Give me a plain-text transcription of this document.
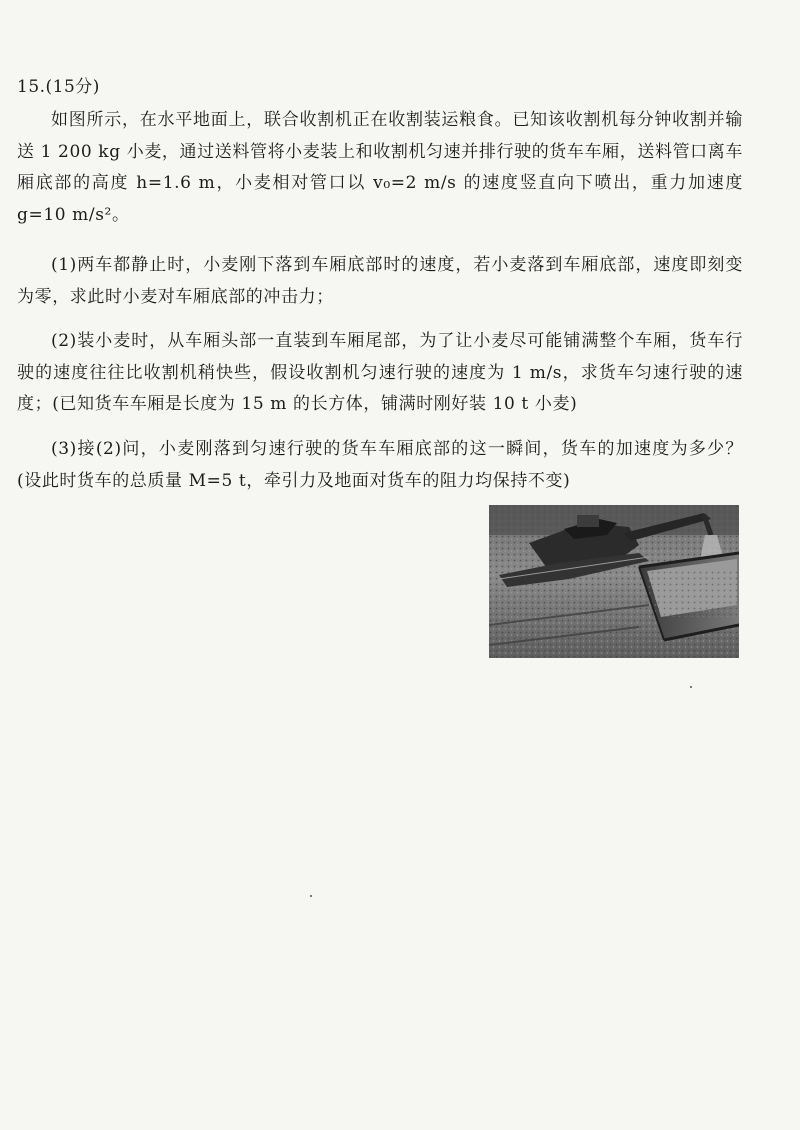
15.(15分)

如图所示，在水平地面上，联合收割机正在收割装运粮食。已知该收割机每分钟收割并输送 1 200 kg 小麦，通过送料管将小麦装上和收割机匀速并排行驶的货车车厢，送料管口离车厢底部的高度 h=1.6 m，小麦相对管口以 v₀=2 m/s 的速度竖直向下喷出，重力加速度 g=10 m/s²。

(1)两车都静止时，小麦刚下落到车厢底部时的速度，若小麦落到车厢底部，速度即刻变为零，求此时小麦对车厢底部的冲击力；

(2)装小麦时，从车厢头部一直装到车厢尾部，为了让小麦尽可能铺满整个车厢，货车行驶的速度往往比收割机稍快些，假设收割机匀速行驶的速度为 1 m/s，求货车匀速行驶的速度；(已知货车车厢是长度为 15 m 的长方体，铺满时刚好装 10 t 小麦)

(3)接(2)问，小麦刚落到匀速行驶的货车车厢底部的这一瞬间，货车的加速度为多少？(设此时货车的总质量 M=5 t，牵引力及地面对货车的阻力均保持不变)
